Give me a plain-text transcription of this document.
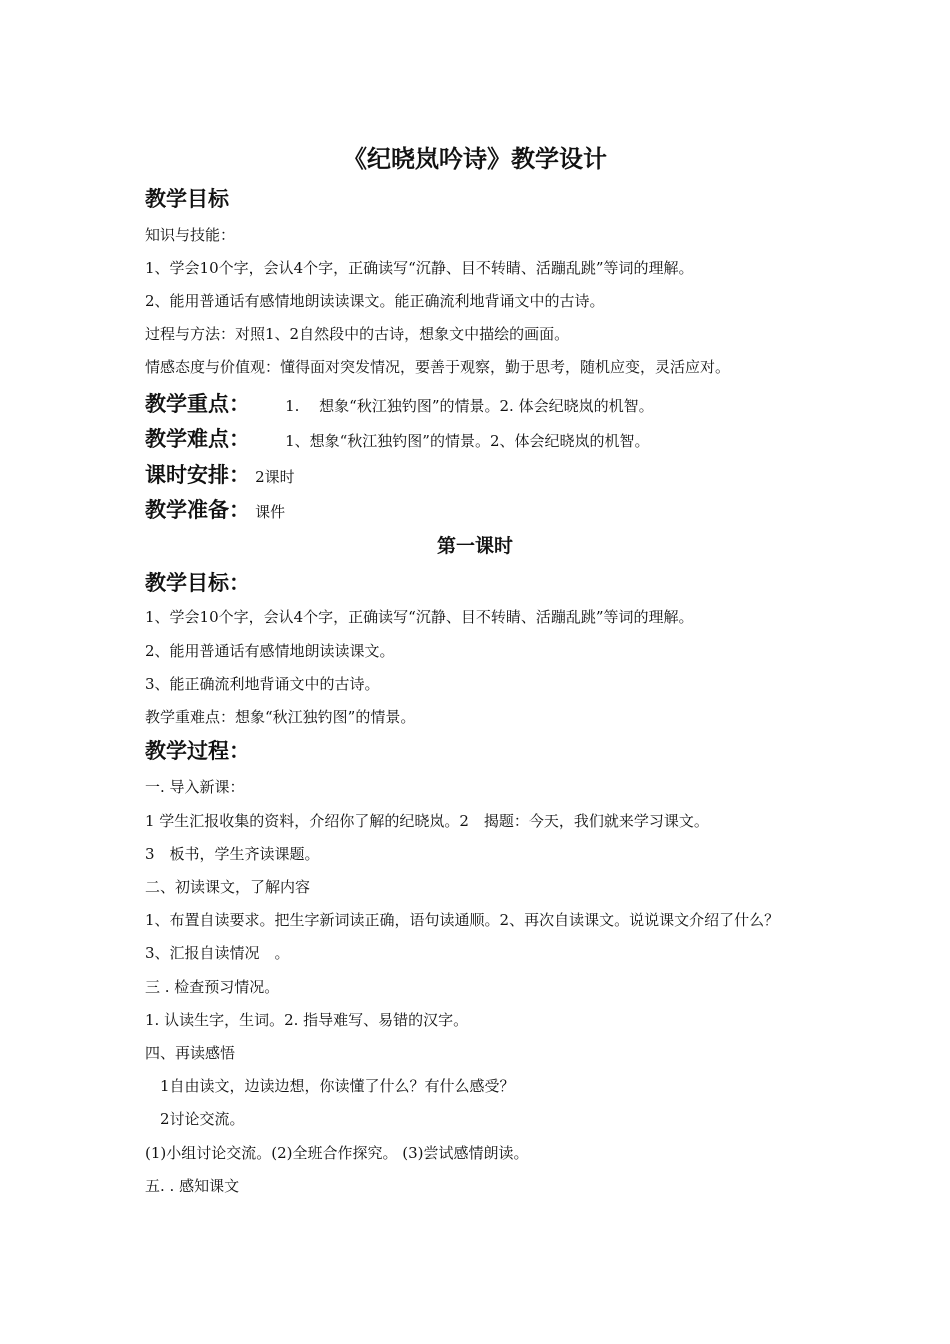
《纪晓岚吟诗》教学设计
教学目标
知识与技能：
1、学会10个字，会认4个字，正确读写“沉静、目不转睛、活蹦乱跳”等词的理解。
2、能用普通话有感情地朗读读课文。能正确流利地背诵文中的古诗。
过程与方法：对照1、2自然段中的古诗，想象文中描绘的画面。
情感态度与价值观：懂得面对突发情况，要善于观察，勤于思考，随机应变，灵活应对。
教学重点： 1.　 想象“秋江独钓图”的情景。2. 体会纪晓岚的机智。
教学难点： 1、想象“秋江独钓图”的情景。2、体会纪晓岚的机智。
课时安排： 2课时
教学准备： 课件
第一课时
教学目标：
1、学会10个字，会认4个字，正确读写“沉静、目不转睛、活蹦乱跳”等词的理解。
2、能用普通话有感情地朗读读课文。
3、能正确流利地背诵文中的古诗。
教学重难点：想象“秋江独钓图”的情景。
教学过程：
一. 导入新课：
1 学生汇报收集的资料，介绍你了解的纪晓岚。2　揭题：今天，我们就来学习课文。
3　板书，学生齐读课题。
二、初读课文，了解内容
1、布置自读要求。把生字新词读正确，语句读通顺。2、再次自读课文。说说课文介绍了什么？
3、汇报自读情况　。
三 . 检查预习情况。
1. 认读生字，生词。2. 指导难写、易错的汉字。
四、再读感悟
　1自由读文，边读边想，你读懂了什么？有什么感受？
　2讨论交流。
(1)小组讨论交流。(2)全班合作探究。 (3)尝试感情朗读。
五. . 感知课文
